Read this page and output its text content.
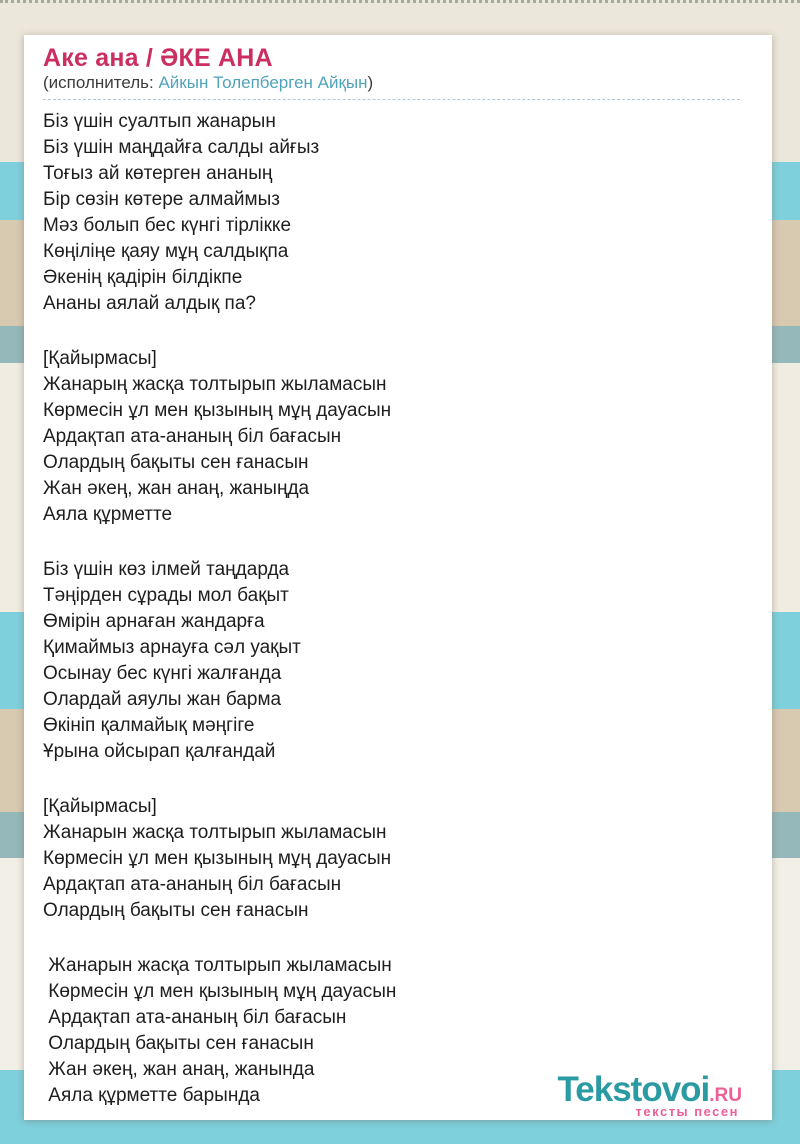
Аке ана / ӘКЕ АНА
(исполнитель: Айкын Толепберген Айқын)
Біз үшін суалтып жанарын
Біз үшін маңдайға салды айғыз
Тоғыз ай көтерген ананың
Бір сөзін көтере алмаймыз
Мәз болып бес күнгі тірлікке
Көңіліңе қаяу мұң салдықпа
Әкенің қадірін білдікпе
Ананы аялай алдық па?
[Қайырмасы]
Жанарың жасқа толтырып жыламасын
Көрмесін ұл мен қызының мұң дауасын
Ардақтап ата-ананың біл бағасын
Олардың бақыты сен ғанасын
Жан әкең, жан анаң, жаныңда
Аяла құрметте
Біз үшін көз ілмей таңдарда
Тәңірден сұрады мол бақыт
Өмірін арнаған жандарға
Қимаймыз арнауға сәл уақыт
Осынау бес күнгі жалғанда
Олардай аяулы жан барма
Өкініп қалмайық мәңгіге
Ұрына ойсырап қалғандай
[Қайырмасы]
Жанарын жасқа толтырып жыламасын
Көрмесін ұл мен қызының мұң дауасын
Ардақтап ата-ананың біл бағасын
Олардың бақыты сен ғанасын
Жанарын жасқа толтырып жыламасын
Көрмесін ұл мен қызының мұң дауасын
Ардақтап ата-ананың біл бағасын
Олардың бақыты сен ғанасын
Жан әкең, жан анаң, жанында
Аяла құрметте барында	Tekstovoi.RU
тексты песен
